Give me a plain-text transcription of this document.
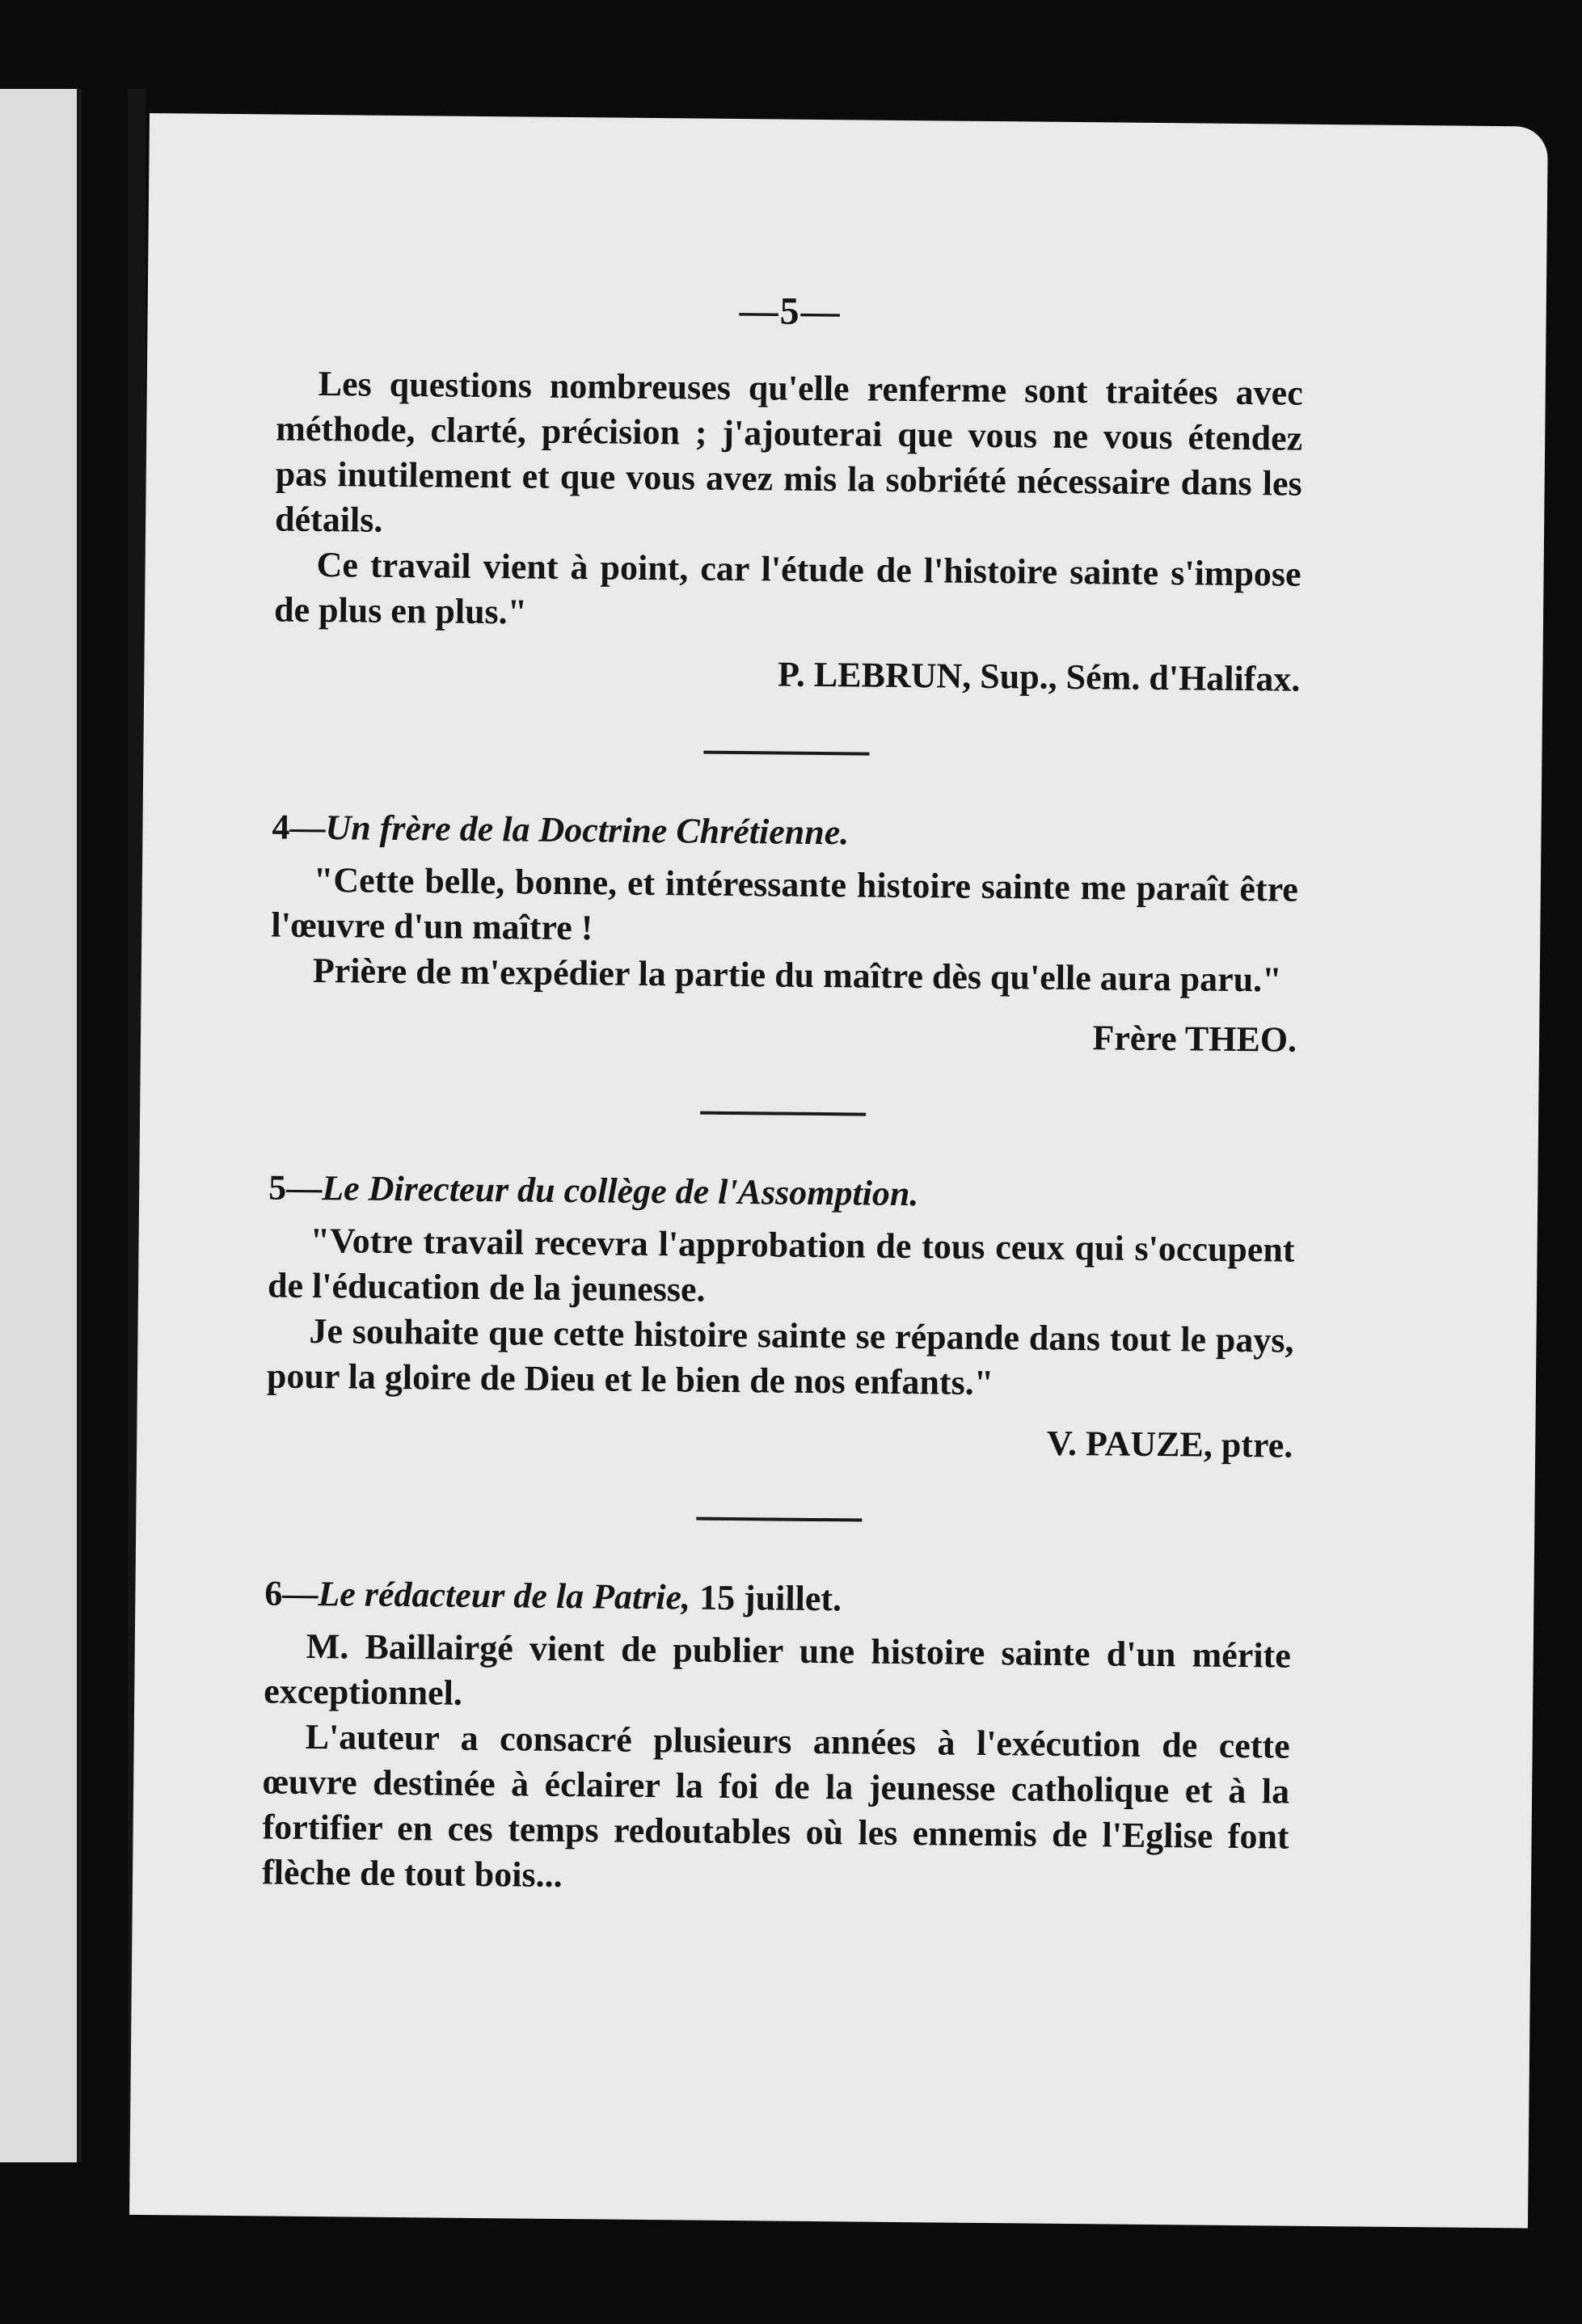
—5—

Les questions nombreuses qu'elle renferme sont traitées avec méthode, clarté, précision ; j'ajouterai que vous ne vous étendez pas inutilement et que vous avez mis la sobriété nécessaire dans les détails.

Ce travail vient à point, car l'étude de l'histoire sainte s'impose de plus en plus."

P. LEBRUN, Sup., Sém. d'Halifax.
4—Un frère de la Doctrine Chrétienne.

"Cette belle, bonne, et intéressante histoire sainte me paraît être l'œuvre d'un maître !

Prière de m'expédier la partie du maître dès qu'elle aura paru."

Frère THEO.
5—Le Directeur du collège de l'Assomption.

"Votre travail recevra l'approbation de tous ceux qui s'occupent de l'éducation de la jeunesse.

Je souhaite que cette histoire sainte se répande dans tout le pays, pour la gloire de Dieu et le bien de nos enfants."

V. PAUZE, ptre.
6—Le rédacteur de la Patrie, 15 juillet.

M. Baillairgé vient de publier une histoire sainte d'un mérite exceptionnel.

L'auteur a consacré plusieurs années à l'exécution de cette œuvre destinée à éclairer la foi de la jeunesse catholique et à la fortifier en ces temps redoutables où les ennemis de l'Eglise font flèche de tout bois...
